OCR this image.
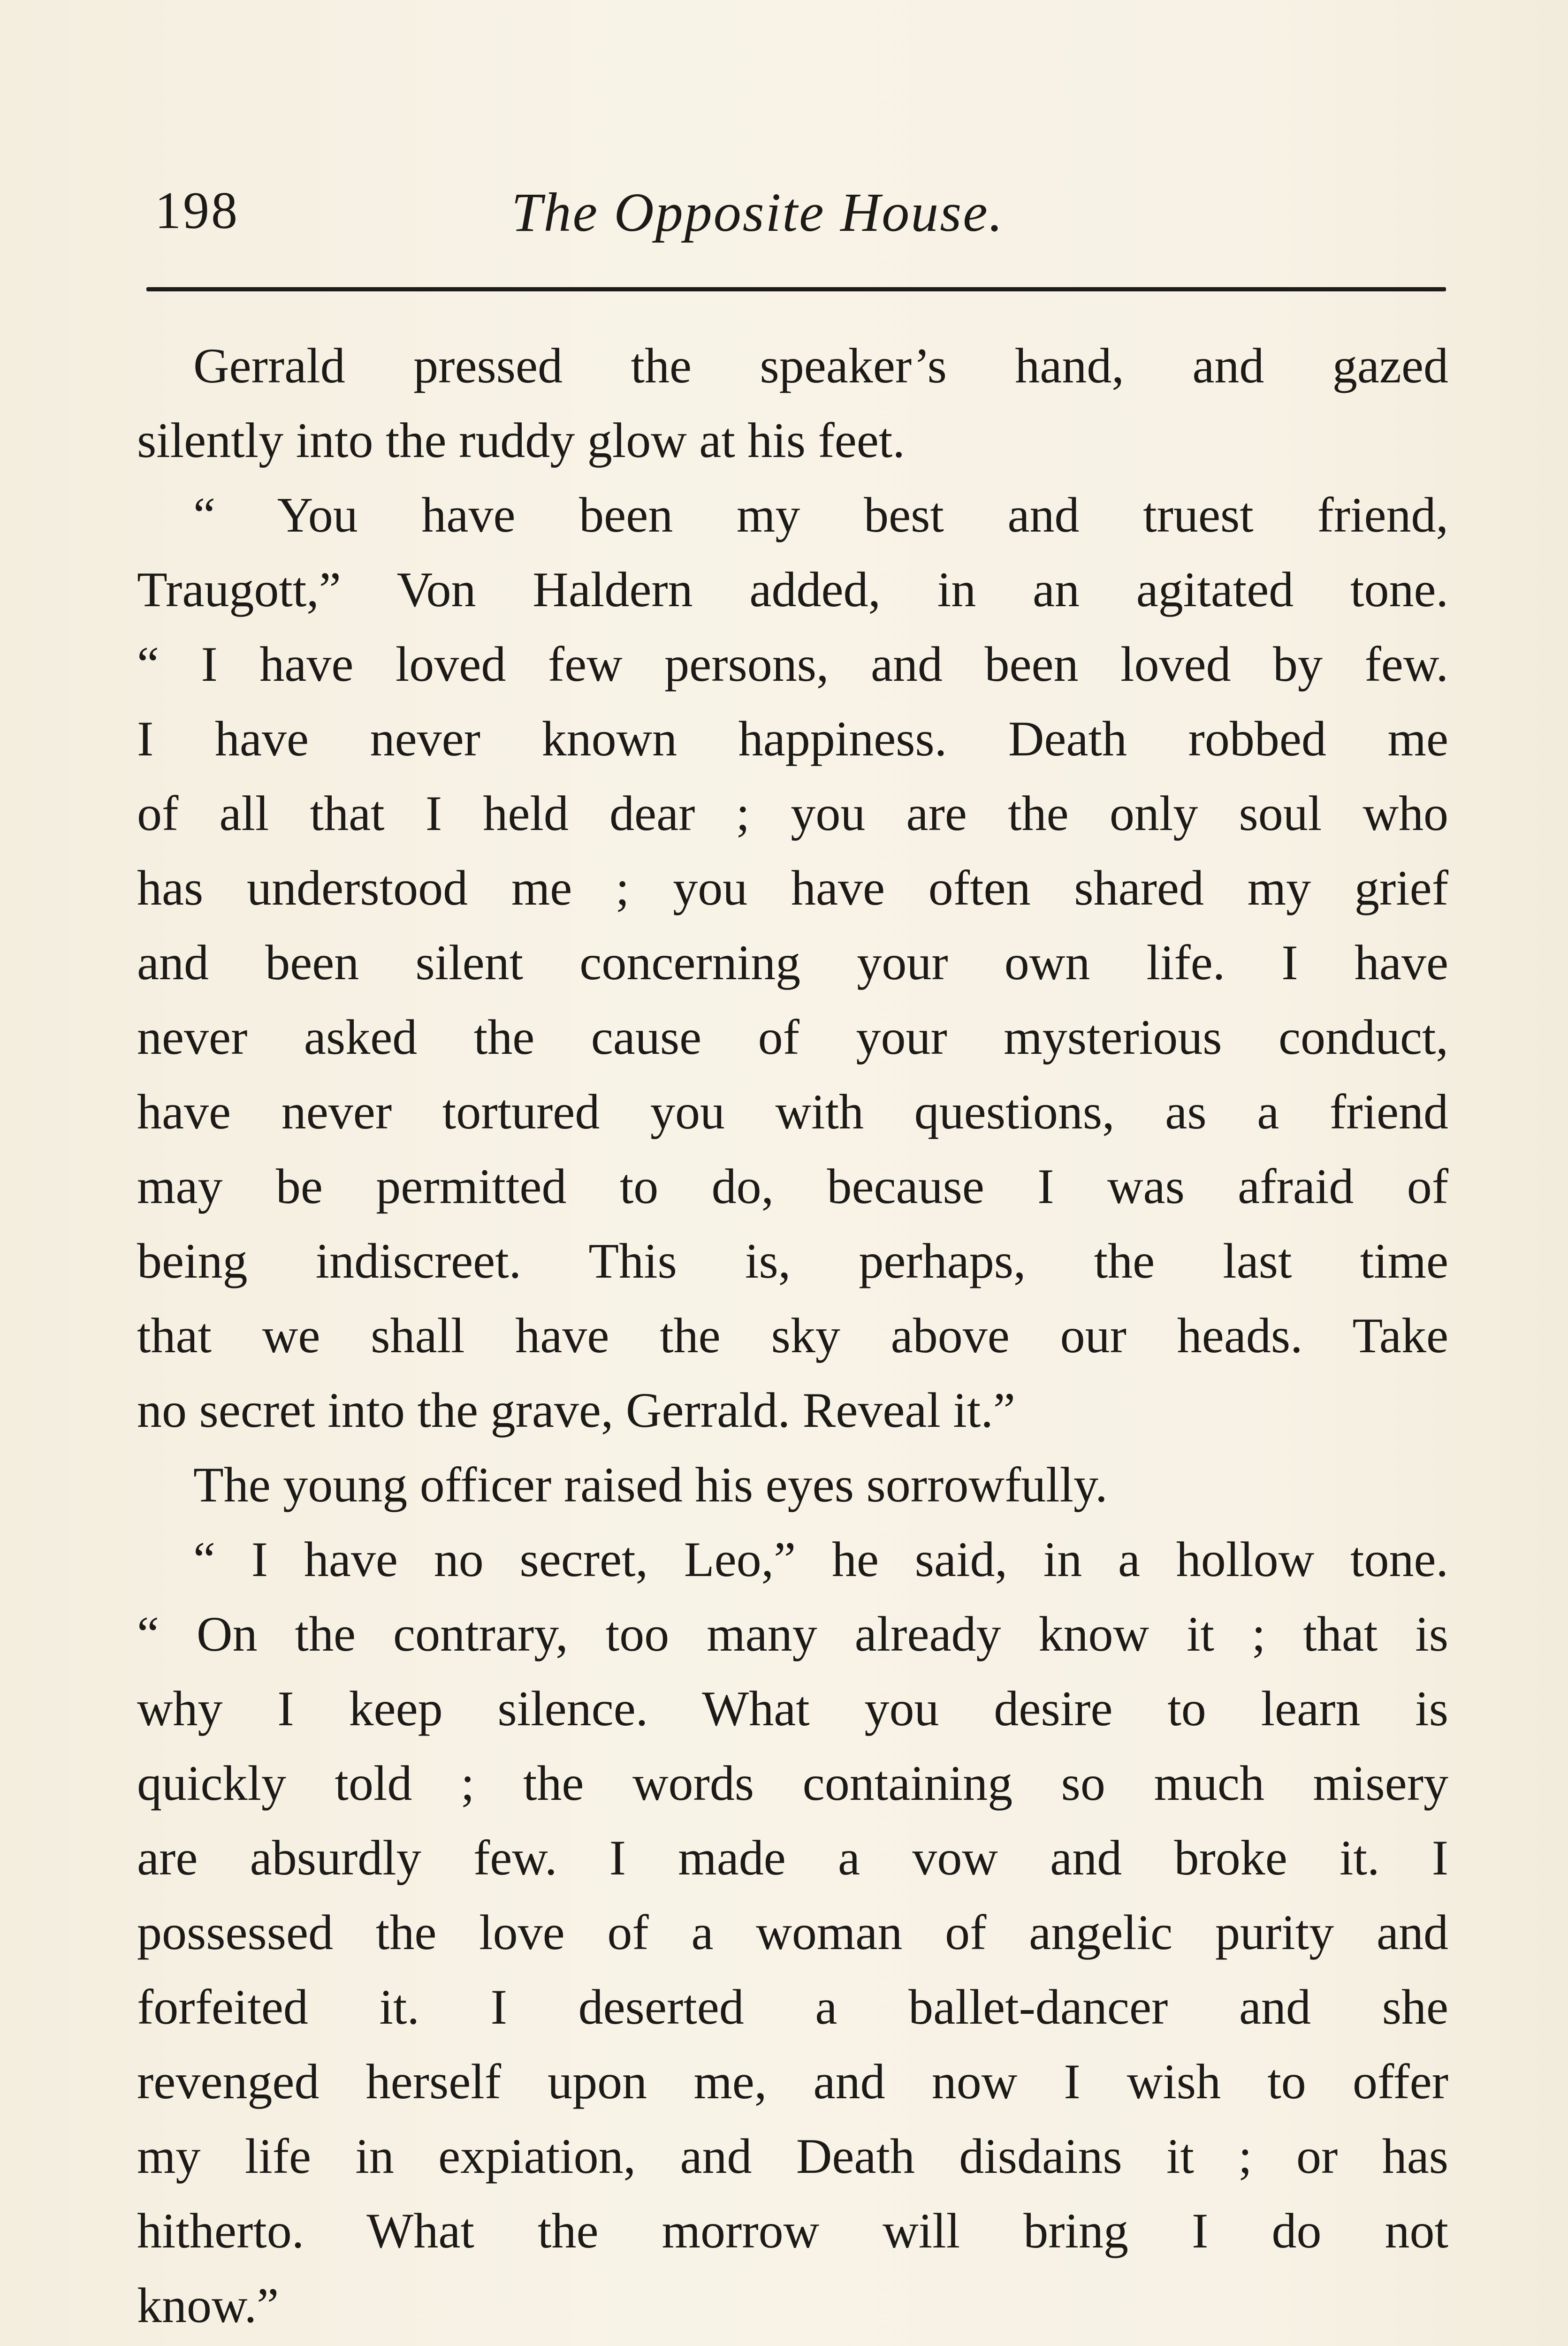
198	The Opposite House.
Gerrald pressed the speaker’s hand, and gazed
silently into the ruddy glow at his feet.
“ You have been my best and truest friend,
Traugott,” Von Haldern added, in an agitated tone.
“ I have loved few persons, and been loved by few.
I have never known happiness. Death robbed me
of all that I held dear ; you are the only soul who
has understood me ; you have often shared my grief
and been silent concerning your own life. I have
never asked the cause of your mysterious conduct,
have never tortured you with questions, as a friend
may be permitted to do, because I was afraid of
being indiscreet. This is, perhaps, the last time
that we shall have the sky above our heads. Take
no secret into the grave, Gerrald. Reveal it.”
The young officer raised his eyes sorrowfully.
“ I have no secret, Leo,” he said, in a hollow tone.
“ On the contrary, too many already know it ; that is
why I keep silence. What you desire to learn is
quickly told ; the words containing so much misery
are absurdly few. I made a vow and broke it. I
possessed the love of a woman of angelic purity and
forfeited it. I deserted a ballet-dancer and she
revenged herself upon me, and now I wish to offer
my life in expiation, and Death disdains it ; or has
hitherto. What the morrow will bring I do not
know.”
